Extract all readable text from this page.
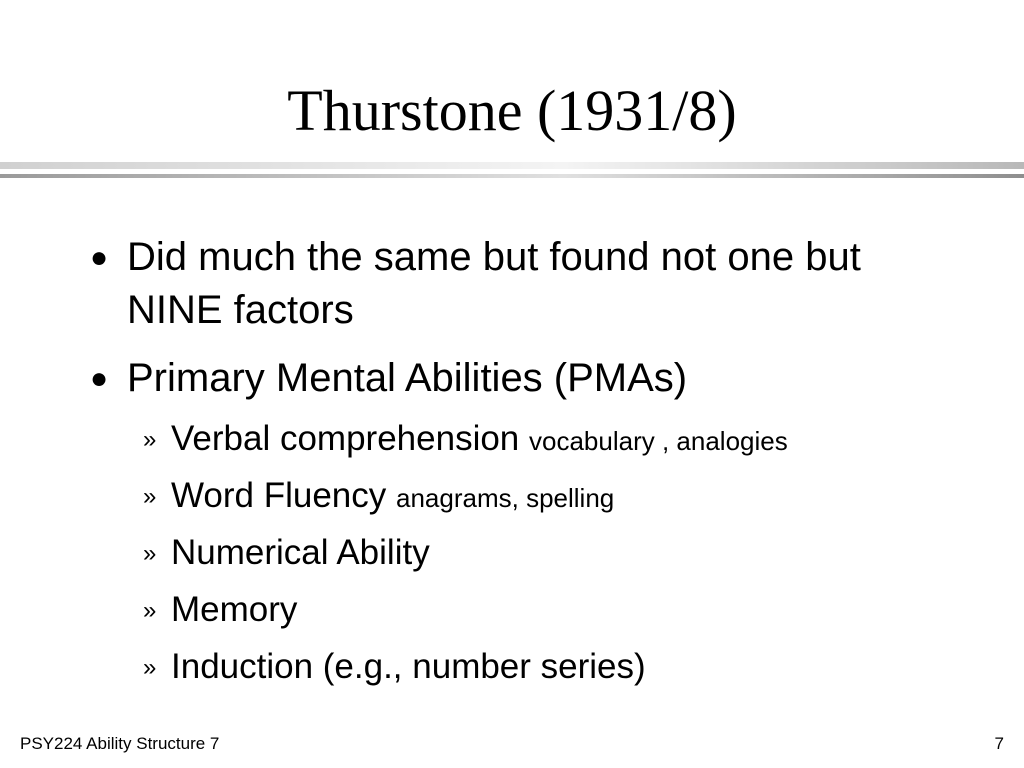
Thurstone (1931/8)
● Did much the same but found not one but NINE factors
● Primary Mental Abilities (PMAs)
» Verbal comprehension vocabulary , analogies
» Word Fluency anagrams, spelling
» Numerical Ability
» Memory
» Induction (e.g., number series)
PSY224 Ability Structure 7	7
